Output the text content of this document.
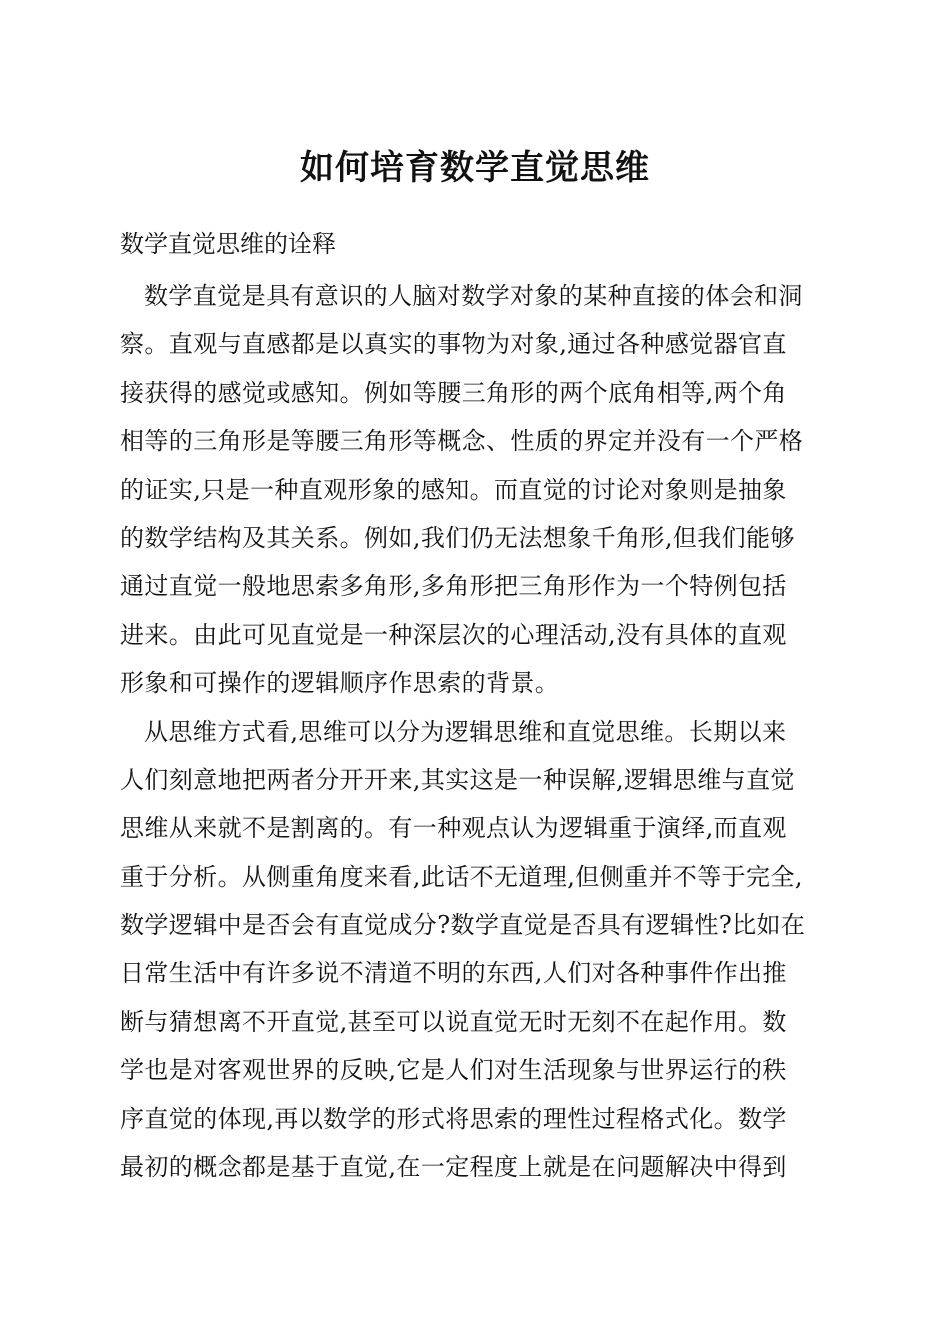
如何培育数学直觉思维
数学直觉思维的诠释
数学直觉是具有意识的人脑对数学对象的某种直接的体会和洞
察。直观与直感都是以真实的事物为对象,通过各种感觉器官直
接获得的感觉或感知。例如等腰三角形的两个底角相等,两个角
相等的三角形是等腰三角形等概念、性质的界定并没有一个严格
的证实,只是一种直观形象的感知。而直觉的讨论对象则是抽象
的数学结构及其关系。例如,我们仍无法想象千角形,但我们能够
通过直觉一般地思索多角形,多角形把三角形作为一个特例包括
进来。由此可见直觉是一种深层次的心理活动,没有具体的直观
形象和可操作的逻辑顺序作思索的背景。
从思维方式看,思维可以分为逻辑思维和直觉思维。长期以来
人们刻意地把两者分开开来,其实这是一种误解,逻辑思维与直觉
思维从来就不是割离的。有一种观点认为逻辑重于演绎,而直观
重于分析。从侧重角度来看,此话不无道理,但侧重并不等于完全,
数学逻辑中是否会有直觉成分?数学直觉是否具有逻辑性?比如在
日常生活中有许多说不清道不明的东西,人们对各种事件作出推
断与猜想离不开直觉,甚至可以说直觉无时无刻不在起作用。数
学也是对客观世界的反映,它是人们对生活现象与世界运行的秩
序直觉的体现,再以数学的形式将思索的理性过程格式化。数学
最初的概念都是基于直觉,在一定程度上就是在问题解决中得到
